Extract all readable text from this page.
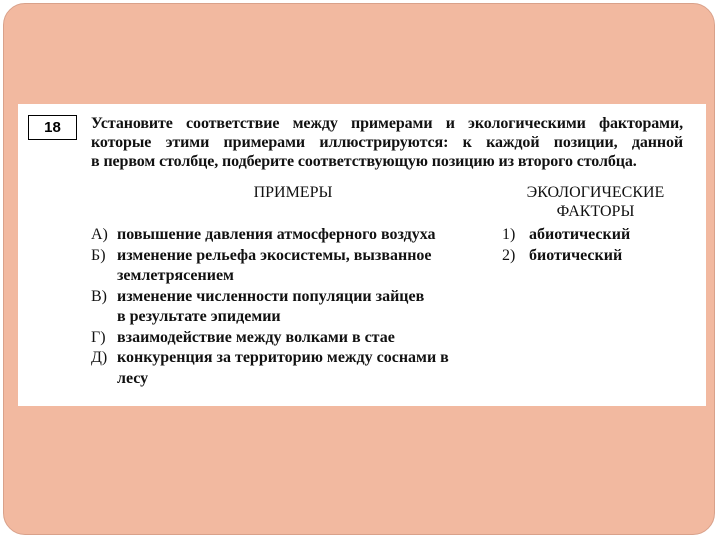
18	Установите соответствие между примерами и экологическими факторами,
которые этими примерами иллюстрируются: к каждой позиции, данной
в первом столбце, подберите соответствующую позицию из второго столбца.
ПРИМЕРЫ	ЭКОЛОГИЧЕСКИЕ
ФАКТОРЫ
А) повышение давления атмосферного воздуха
Б) изменение рельефа экосистемы, вызванное
землетрясением
В) изменение численности популяции зайцев
в результате эпидемии
Г) взаимодействие между волками в стае
Д) конкуренция за территорию между соснами в
лесу
1) абиотический
2) биотический
